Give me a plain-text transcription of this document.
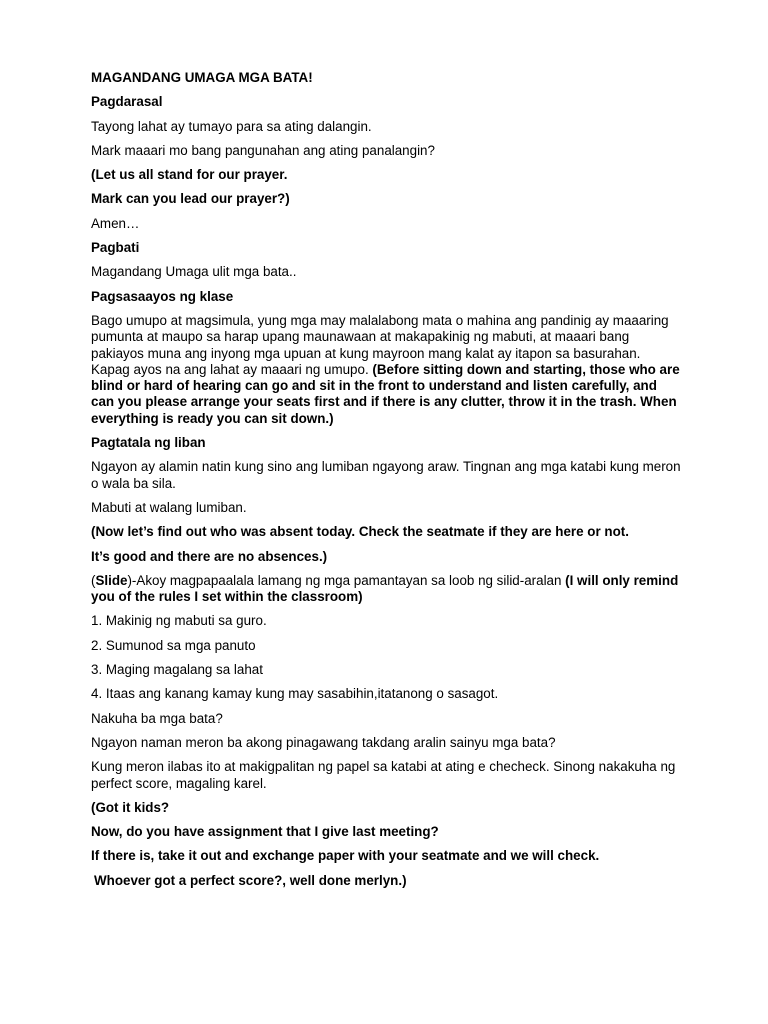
MAGANDANG UMAGA MGA BATA!

Pagdarasal

Tayong lahat ay tumayo para sa ating dalangin.

Mark maaari mo bang pangunahan ang ating panalangin?

(Let us all stand for our prayer.

Mark can you lead our prayer?)

Amen…

Pagbati

Magandang Umaga ulit mga bata..

Pagsasaayos ng klase

Bago umupo at magsimula, yung mga may malalabong mata o mahina ang pandinig ay maaaring pumunta at maupo sa harap upang maunawaan at makapakinig ng mabuti, at maaari bang pakiayos muna ang inyong mga upuan at kung mayroon mang kalat ay itapon sa basurahan. Kapag ayos na ang lahat ay maaari ng umupo. (Before sitting down and starting, those who are blind or hard of hearing can go and sit in the front to understand and listen carefully, and can you please arrange your seats first and if there is any clutter, throw it in the trash. When everything is ready you can sit down.)

Pagtatala ng liban

Ngayon ay alamin natin kung sino ang lumiban ngayong araw. Tingnan ang mga katabi kung meron o wala ba sila.

Mabuti at walang lumiban.

(Now let’s find out who was absent today. Check the seatmate if they are here or not.

It’s good and there are no absences.)

(Slide)-Akoy magpapaalala lamang ng mga pamantayan sa loob ng silid-aralan (I will only remind you of the rules I set within the classroom)

1. Makinig ng mabuti sa guro.

2. Sumunod sa mga panuto

3. Maging magalang sa lahat

4. Itaas ang kanang kamay kung may sasabihin,itatanong o sasagot.

Nakuha ba mga bata?

Ngayon naman meron ba akong pinagawang takdang aralin sainyu mga bata?

Kung meron ilabas ito at makigpalitan ng papel sa katabi at ating e checheck. Sinong nakakuha ng perfect score, magaling karel.

(Got it kids?

Now, do you have assignment that I give last meeting?

If there is, take it out and exchange paper with your seatmate and we will check.

Whoever got a perfect score?, well done merlyn.)
